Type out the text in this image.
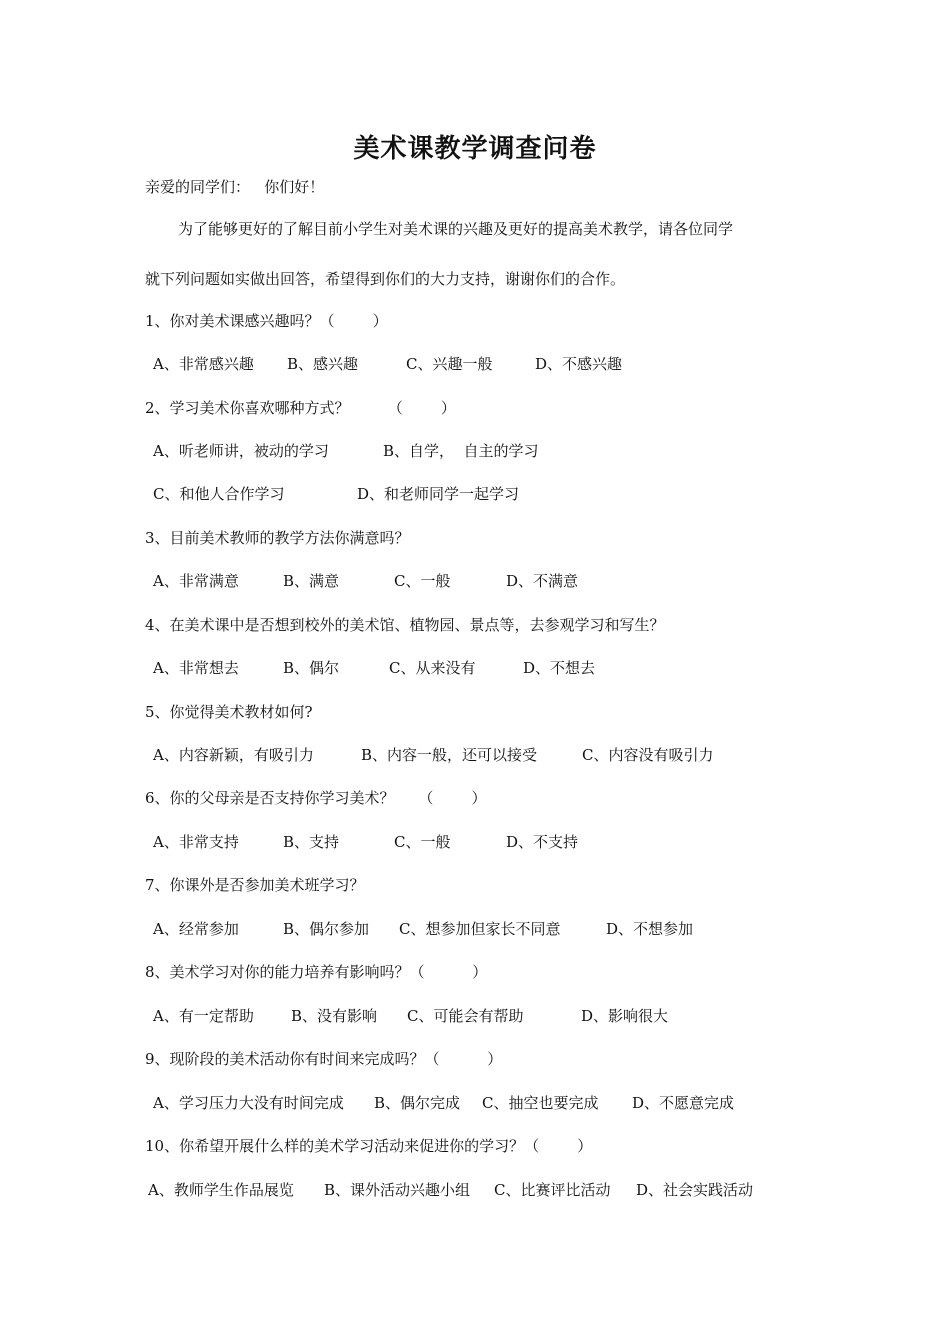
美术课教学调查问卷
亲爱的同学们：   你们好！
为了能够更好的了解目前小学生对美术课的兴趣及更好的提高美术教学，请各位同学
就下列问题如实做出回答，希望得到你们的大力支持，谢谢你们的合作。
1、你对美术课感兴趣吗？（        ）
A、非常感兴趣 B、感兴趣	C、兴趣一般	D、不感兴趣
2、学习美术你喜欢哪种方式？        （        ）
A、听老师讲，被动的学习	B、自学，  自主的学习
C、和他人合作学习	D、和老师同学一起学习
3、目前美术教师的教学方法你满意吗？
A、非常满意	B、满意	C、一般	D、不满意
4、在美术课中是否想到校外的美术馆、植物园、景点等，去参观学习和写生？
A、非常想去	B、偶尔	C、从来没有	D、不想去
5、你觉得美术教材如何?
A、内容新颖，有吸引力	B、内容一般，还可以接受	C、内容没有吸引力
6、你的父母亲是否支持你学习美术？     （        ）
A、非常支持	B、支持	C、一般	D、不支持
7、你课外是否参加美术班学习？
A、经常参加	B、偶尔参加 C、想参加但家长不同意	D、不想参加
8、美术学习对你的能力培养有影响吗？（          ）
A、有一定帮助 B、没有影响 C、可能会有帮助	D、影响很大
9、现阶段的美术活动你有时间来完成吗？（          ）
A、学习压力大没有时间完成 B、偶尔完成 C、抽空也要完成 D、不愿意完成
10、你希望开展什么样的美术学习活动来促进你的学习？（        ）
A、教师学生作品展览 B、课外活动兴趣小组 C、比赛评比活动 D、社会实践活动
